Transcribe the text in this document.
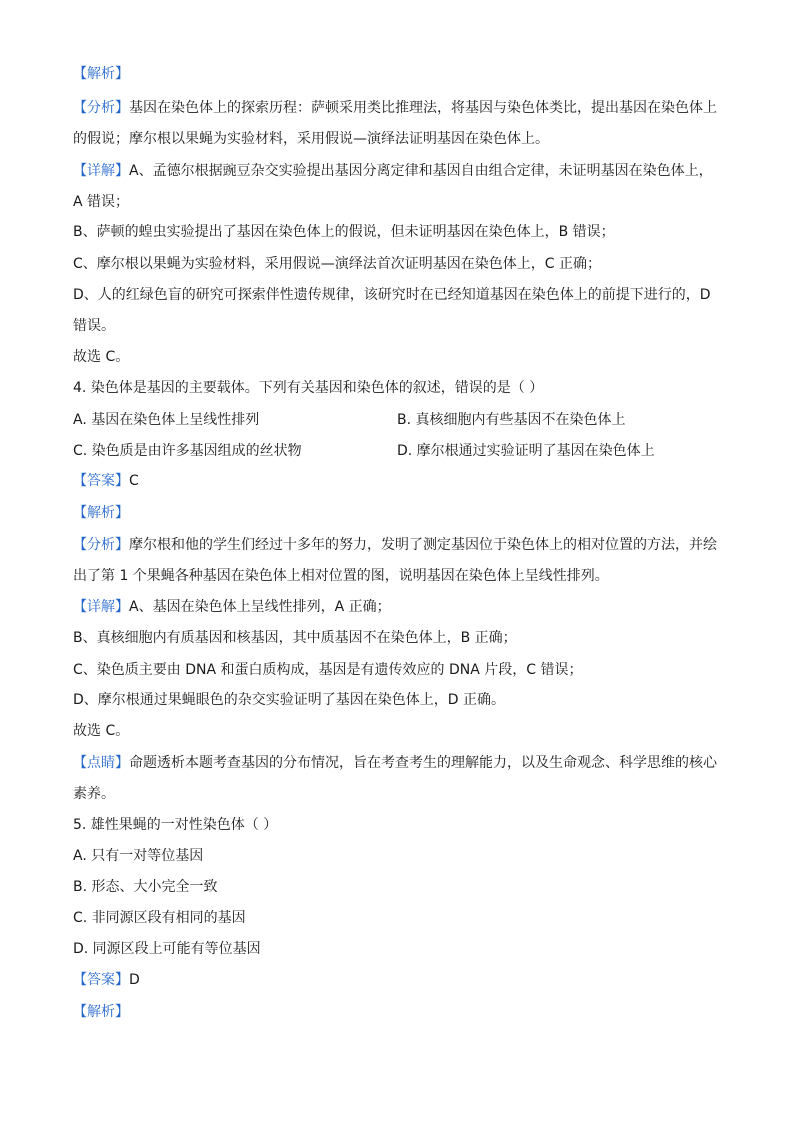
【解析】
【分析】基因在染色体上的探索历程：萨顿采用类比推理法，将基因与染色体类比，提出基因在染色体上
的假说；摩尔根以果蝇为实验材料，采用假说—演绎法证明基因在染色体上。
【详解】A、孟德尔根据豌豆杂交实验提出基因分离定律和基因自由组合定律，未证明基因在染色体上，
A 错误；
B、萨顿的蝗虫实验提出了基因在染色体上的假说，但未证明基因在染色体上，B 错误；
C、摩尔根以果蝇为实验材料，采用假说—演绎法首次证明基因在染色体上，C 正确；
D、人的红绿色盲的研究可探索伴性遗传规律，该研究时在已经知道基因在染色体上的前提下进行的，D
错误。
故选 C。
4. 染色体是基因的主要载体。下列有关基因和染色体的叙述，错误的是（ ）
A. 基因在染色体上呈线性排列	B. 真核细胞内有些基因不在染色体上
C. 染色质是由许多基因组成的丝状物	D. 摩尔根通过实验证明了基因在染色体上
【答案】C
【解析】
【分析】摩尔根和他的学生们经过十多年的努力，发明了测定基因位于染色体上的相对位置的方法，并绘
出了第 1 个果蝇各种基因在染色体上相对位置的图，说明基因在染色体上呈线性排列。
【详解】A、基因在染色体上呈线性排列，A 正确；
B、真核细胞内有质基因和核基因，其中质基因不在染色体上，B 正确；
C、染色质主要由 DNA 和蛋白质构成，基因是有遗传效应的 DNA 片段，C 错误；
D、摩尔根通过果蝇眼色的杂交实验证明了基因在染色体上，D 正确。
故选 C。
【点睛】命题透析本题考查基因的分布情况，旨在考查考生的理解能力，以及生命观念、科学思维的核心
素养。
5. 雄性果蝇的一对性染色体（ ）
A. 只有一对等位基因
B. 形态、大小完全一致
C. 非同源区段有相同的基因
D. 同源区段上可能有等位基因
【答案】D
【解析】
